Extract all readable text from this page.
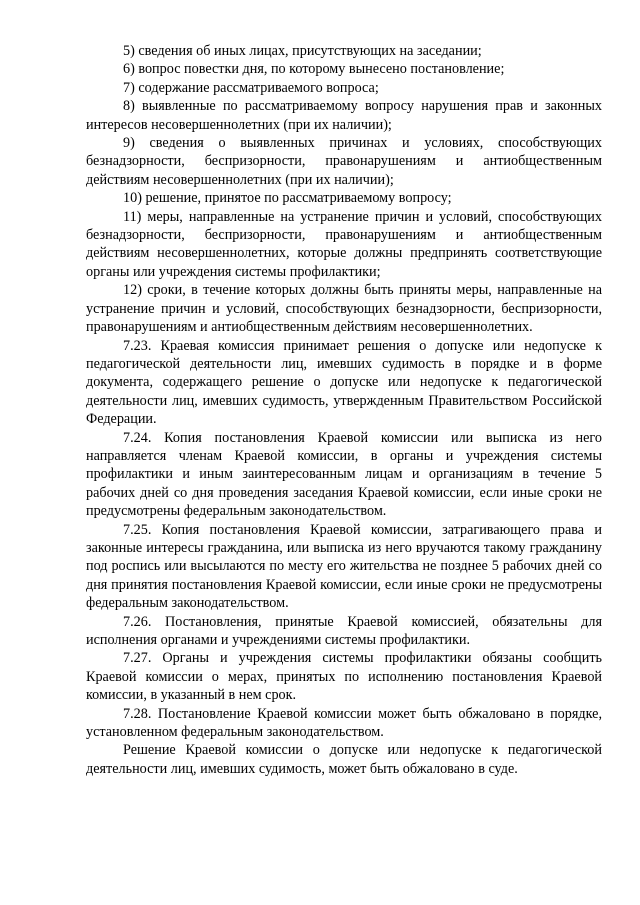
5) сведения об иных лицах, присутствующих на заседании;

6) вопрос повестки дня, по которому вынесено постановление;

7) содержание рассматриваемого вопроса;

8) выявленные по рассматриваемому вопросу нарушения прав и законных интересов несовершеннолетних (при их наличии);

9) сведения о выявленных причинах и условиях, способствующих безнадзорности, беспризорности, правонарушениям и антиобщественным действиям несовершеннолетних (при их наличии);

10) решение, принятое по рассматриваемому вопросу;

11) меры, направленные на устранение причин и условий, способствующих безнадзорности, беспризорности, правонарушениям и антиобщественным действиям несовершеннолетних, которые должны предпринять соответствующие органы или учреждения системы профилактики;

12) сроки, в течение которых должны быть приняты меры, направленные на устранение причин и условий, способствующих безнадзорности, беспризорности, правонарушениям и антиобщественным действиям несовершеннолетних.

7.23. Краевая комиссия принимает решения о допуске или недопуске к педагогической деятельности лиц, имевших судимость в порядке и в форме документа, содержащего решение о допуске или недопуске к педагогической деятельности лиц, имевших судимость, утвержденным Правительством Российской Федерации.

7.24. Копия постановления Краевой комиссии или выписка из него направляется членам Краевой комиссии, в органы и учреждения системы профилактики и иным заинтересованным лицам и организациям в течение 5 рабочих дней со дня проведения заседания Краевой комиссии, если иные сроки не предусмотрены федеральным законодательством.

7.25. Копия постановления Краевой комиссии, затрагивающего права и законные интересы гражданина, или выписка из него вручаются такому гражданину под роспись или высылаются по месту его жительства не позднее 5 рабочих дней со дня принятия постановления Краевой комиссии, если иные сроки не предусмотрены федеральным законодательством.

7.26. Постановления, принятые Краевой комиссией, обязательны для исполнения органами и учреждениями системы профилактики.

7.27. Органы и учреждения системы профилактики обязаны сообщить Краевой комиссии о мерах, принятых по исполнению постановления Краевой комиссии, в указанный в нем срок.

7.28. Постановление Краевой комиссии может быть обжаловано в порядке, установленном федеральным законодательством.

Решение Краевой комиссии о допуске или недопуске к педагогической деятельности лиц, имевших судимость, может быть обжаловано в суде.
